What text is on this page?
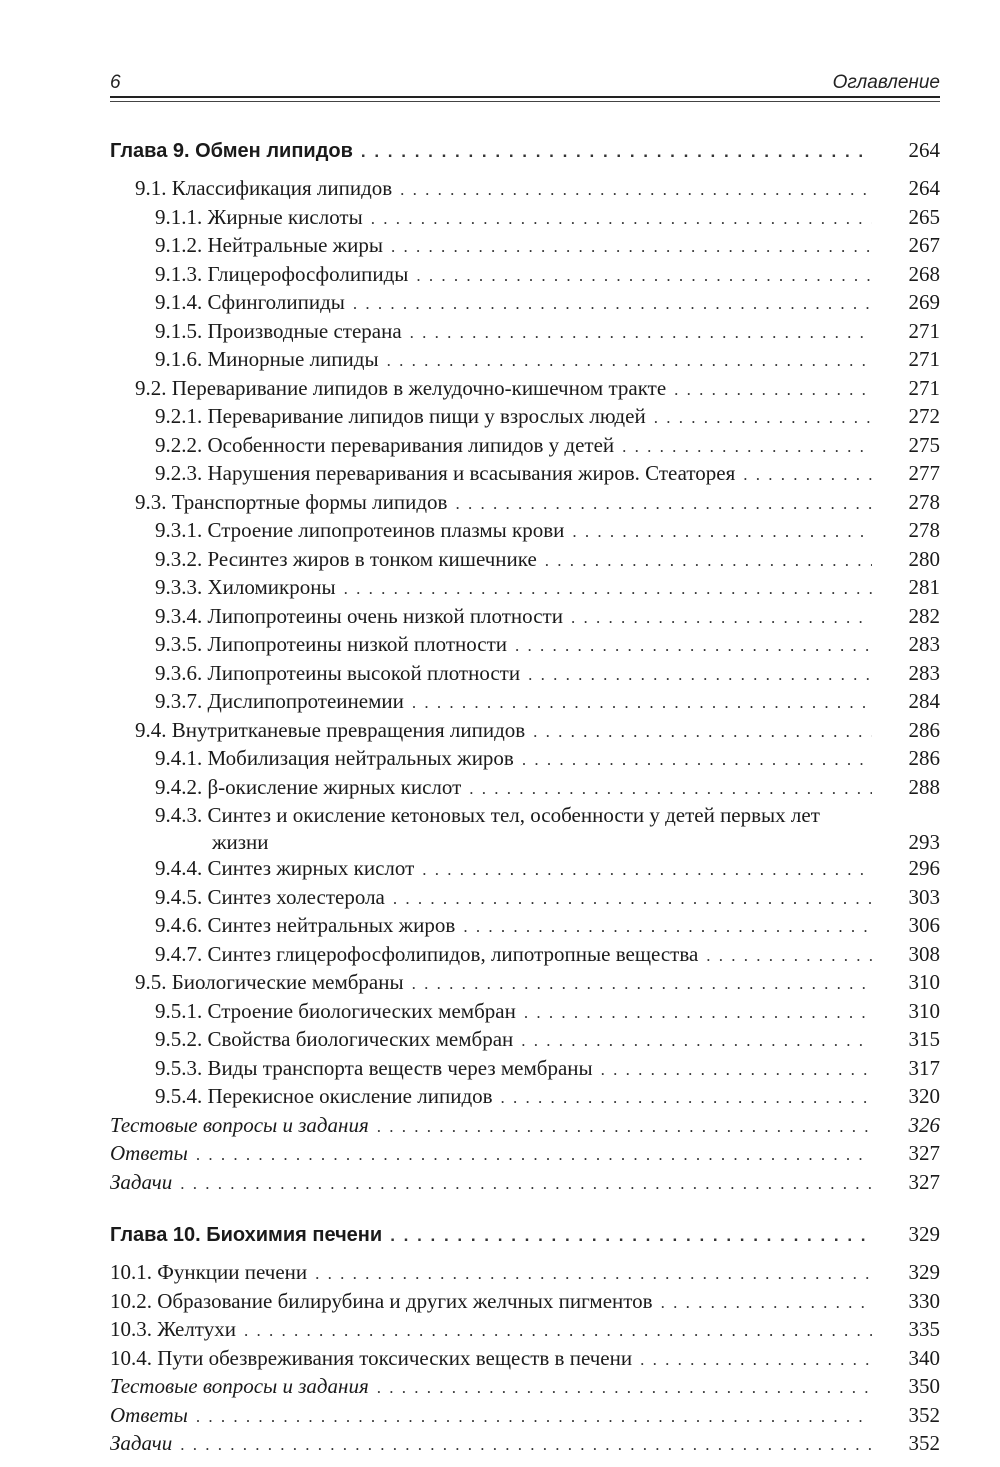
6	Оглавление
Глава 9. Обмен липидов . . .	264
9.1. Классификация липидов . . .	264
9.1.1. Жирные кислоты . . .	265
9.1.2. Нейтральные жиры . . .	267
9.1.3. Глицерофосфолипиды . . .	268
9.1.4. Сфинголипиды . . .	269
9.1.5. Производные стерана . . .	271
9.1.6. Минорные липиды . . .	271
9.2. Переваривание липидов в желудочно-кишечном тракте . . .	271
9.2.1. Переваривание липидов пищи у взрослых людей . . .	272
9.2.2. Особенности переваривания липидов у детей . . .	275
9.2.3. Нарушения переваривания и всасывания жиров. Стеаторея . . .	277
9.3. Транспортные формы липидов . . .	278
9.3.1. Строение липопротеинов плазмы крови . . .	278
9.3.2. Ресинтез жиров в тонком кишечнике . . .	280
9.3.3. Хиломикроны . . .	281
9.3.4. Липопротеины очень низкой плотности . . .	282
9.3.5. Липопротеины низкой плотности . . .	283
9.3.6. Липопротеины высокой плотности . . .	283
9.3.7. Дислипопротеинемии . . .	284
9.4. Внутритканевые превращения липидов . . .	286
9.4.1. Мобилизация нейтральных жиров . . .	286
9.4.2. β-окисление жирных кислот . . .	288
9.4.3. Синтез и окисление кетоновых тел, особенности у детей первых лет
жизни	293
9.4.4. Синтез жирных кислот . . .	296
9.4.5. Синтез холестерола . . .	303
9.4.6. Синтез нейтральных жиров . . .	306
9.4.7. Синтез глицерофосфолипидов, липотропные вещества . . .	308
9.5. Биологические мембраны . . .	310
9.5.1. Строение биологических мембран . . .	310
9.5.2. Свойства биологических мембран . . .	315
9.5.3. Виды транспорта веществ через мембраны . . .	317
9.5.4. Перекисное окисление липидов . . .	320
Тестовые вопросы и задания . . .	326
Ответы . . .	327
Задачи . . .	327
Глава 10. Биохимия печени . . .	329
10.1. Функции печени . . .	329
10.2. Образование билирубина и других желчных пигментов . . .	330
10.3. Желтухи . . .	335
10.4. Пути обезвреживания токсических веществ в печени . . .	340
Тестовые вопросы и задания . . .	350
Ответы . . .	352
Задачи . . .	352
